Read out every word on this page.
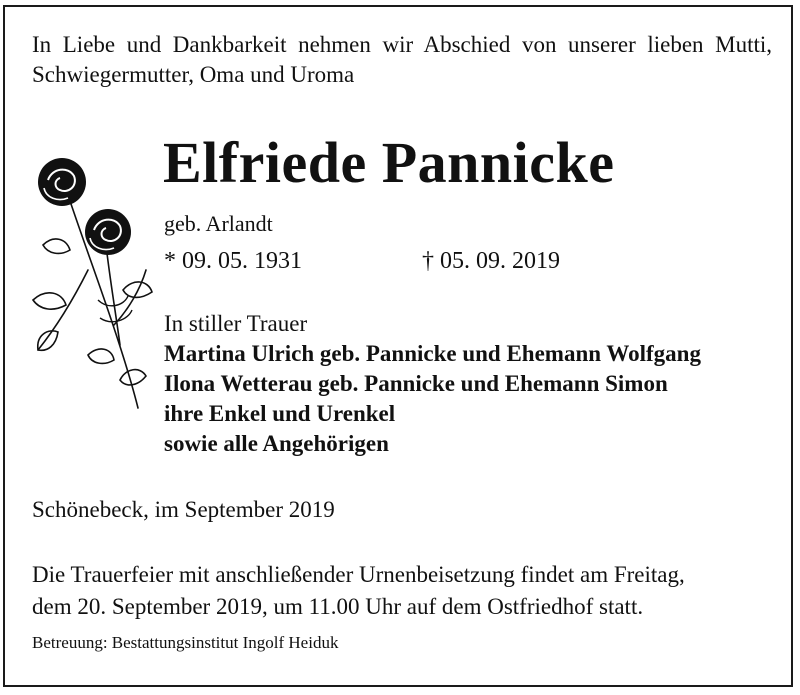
In Liebe und Dankbarkeit nehmen wir Abschied von unserer lieben Mutti, Schwiegermutter, Oma und Uroma
Elfriede Pannicke
geb. Arlandt
* 09. 05. 1931	† 05. 09. 2019
In stiller Trauer
Martina Ulrich geb. Pannicke und Ehemann Wolfgang
Ilona Wetterau geb. Pannicke und Ehemann Simon
ihre Enkel und Urenkel
sowie alle Angehörigen
Schönebeck, im September 2019
Die Trauerfeier mit anschließender Urnenbeisetzung findet am Freitag,
dem 20. September 2019, um 11.00 Uhr auf dem Ostfriedhof statt.
Betreuung: Bestattungsinstitut Ingolf Heiduk
